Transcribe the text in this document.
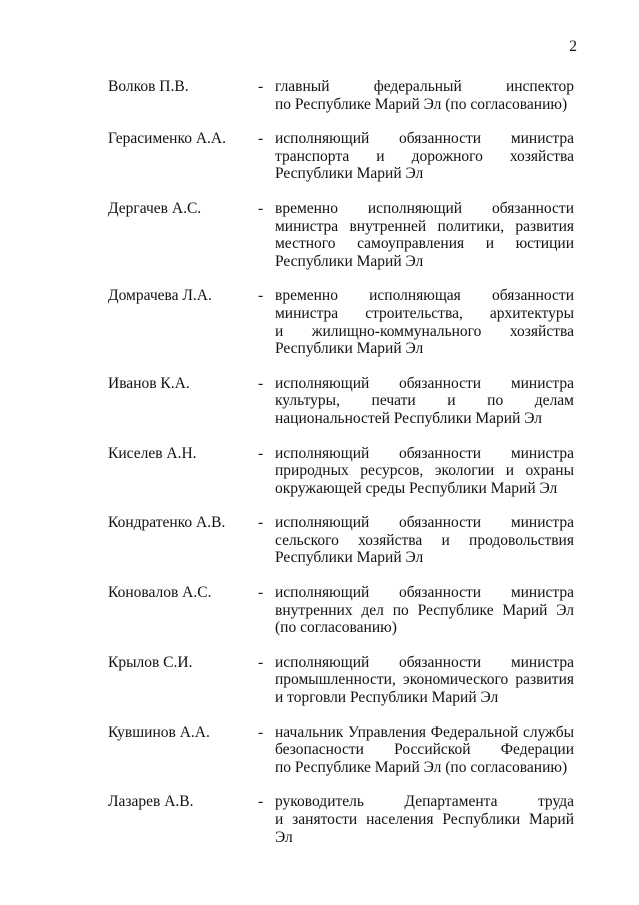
2
Волков П.В.	- главный федеральный инспектор
по Республике Марий Эл (по согласованию)
Герасименко А.А.	- исполняющий обязанности министра
транспорта и дорожного хозяйства
Республики Марий Эл
Дергачев А.С.	- временно исполняющий обязанности
министра внутренней политики, развития
местного самоуправления и юстиции
Республики Марий Эл
Домрачева Л.А.	- временно исполняющая обязанности
министра строительства, архитектуры
и жилищно-коммунального хозяйства
Республики Марий Эл
Иванов К.А.	- исполняющий обязанности министра
культуры, печати и по делам
национальностей Республики Марий Эл
Киселев А.Н.	- исполняющий обязанности министра
природных ресурсов, экологии и охраны
окружающей среды Республики Марий Эл
Кондратенко А.В.	- исполняющий обязанности министра
сельского хозяйства и продовольствия
Республики Марий Эл
Коновалов А.С.	- исполняющий обязанности министра
внутренних дел по Республике Марий Эл
(по согласованию)
Крылов С.И.	- исполняющий обязанности министра
промышленности, экономического развития
и торговли Республики Марий Эл
Кувшинов А.А.	- начальник Управления Федеральной службы
безопасности Российской Федерации
по Республике Марий Эл (по согласованию)
Лазарев А.В.	- руководитель Департамента труда
и занятости населения Республики Марий Эл
